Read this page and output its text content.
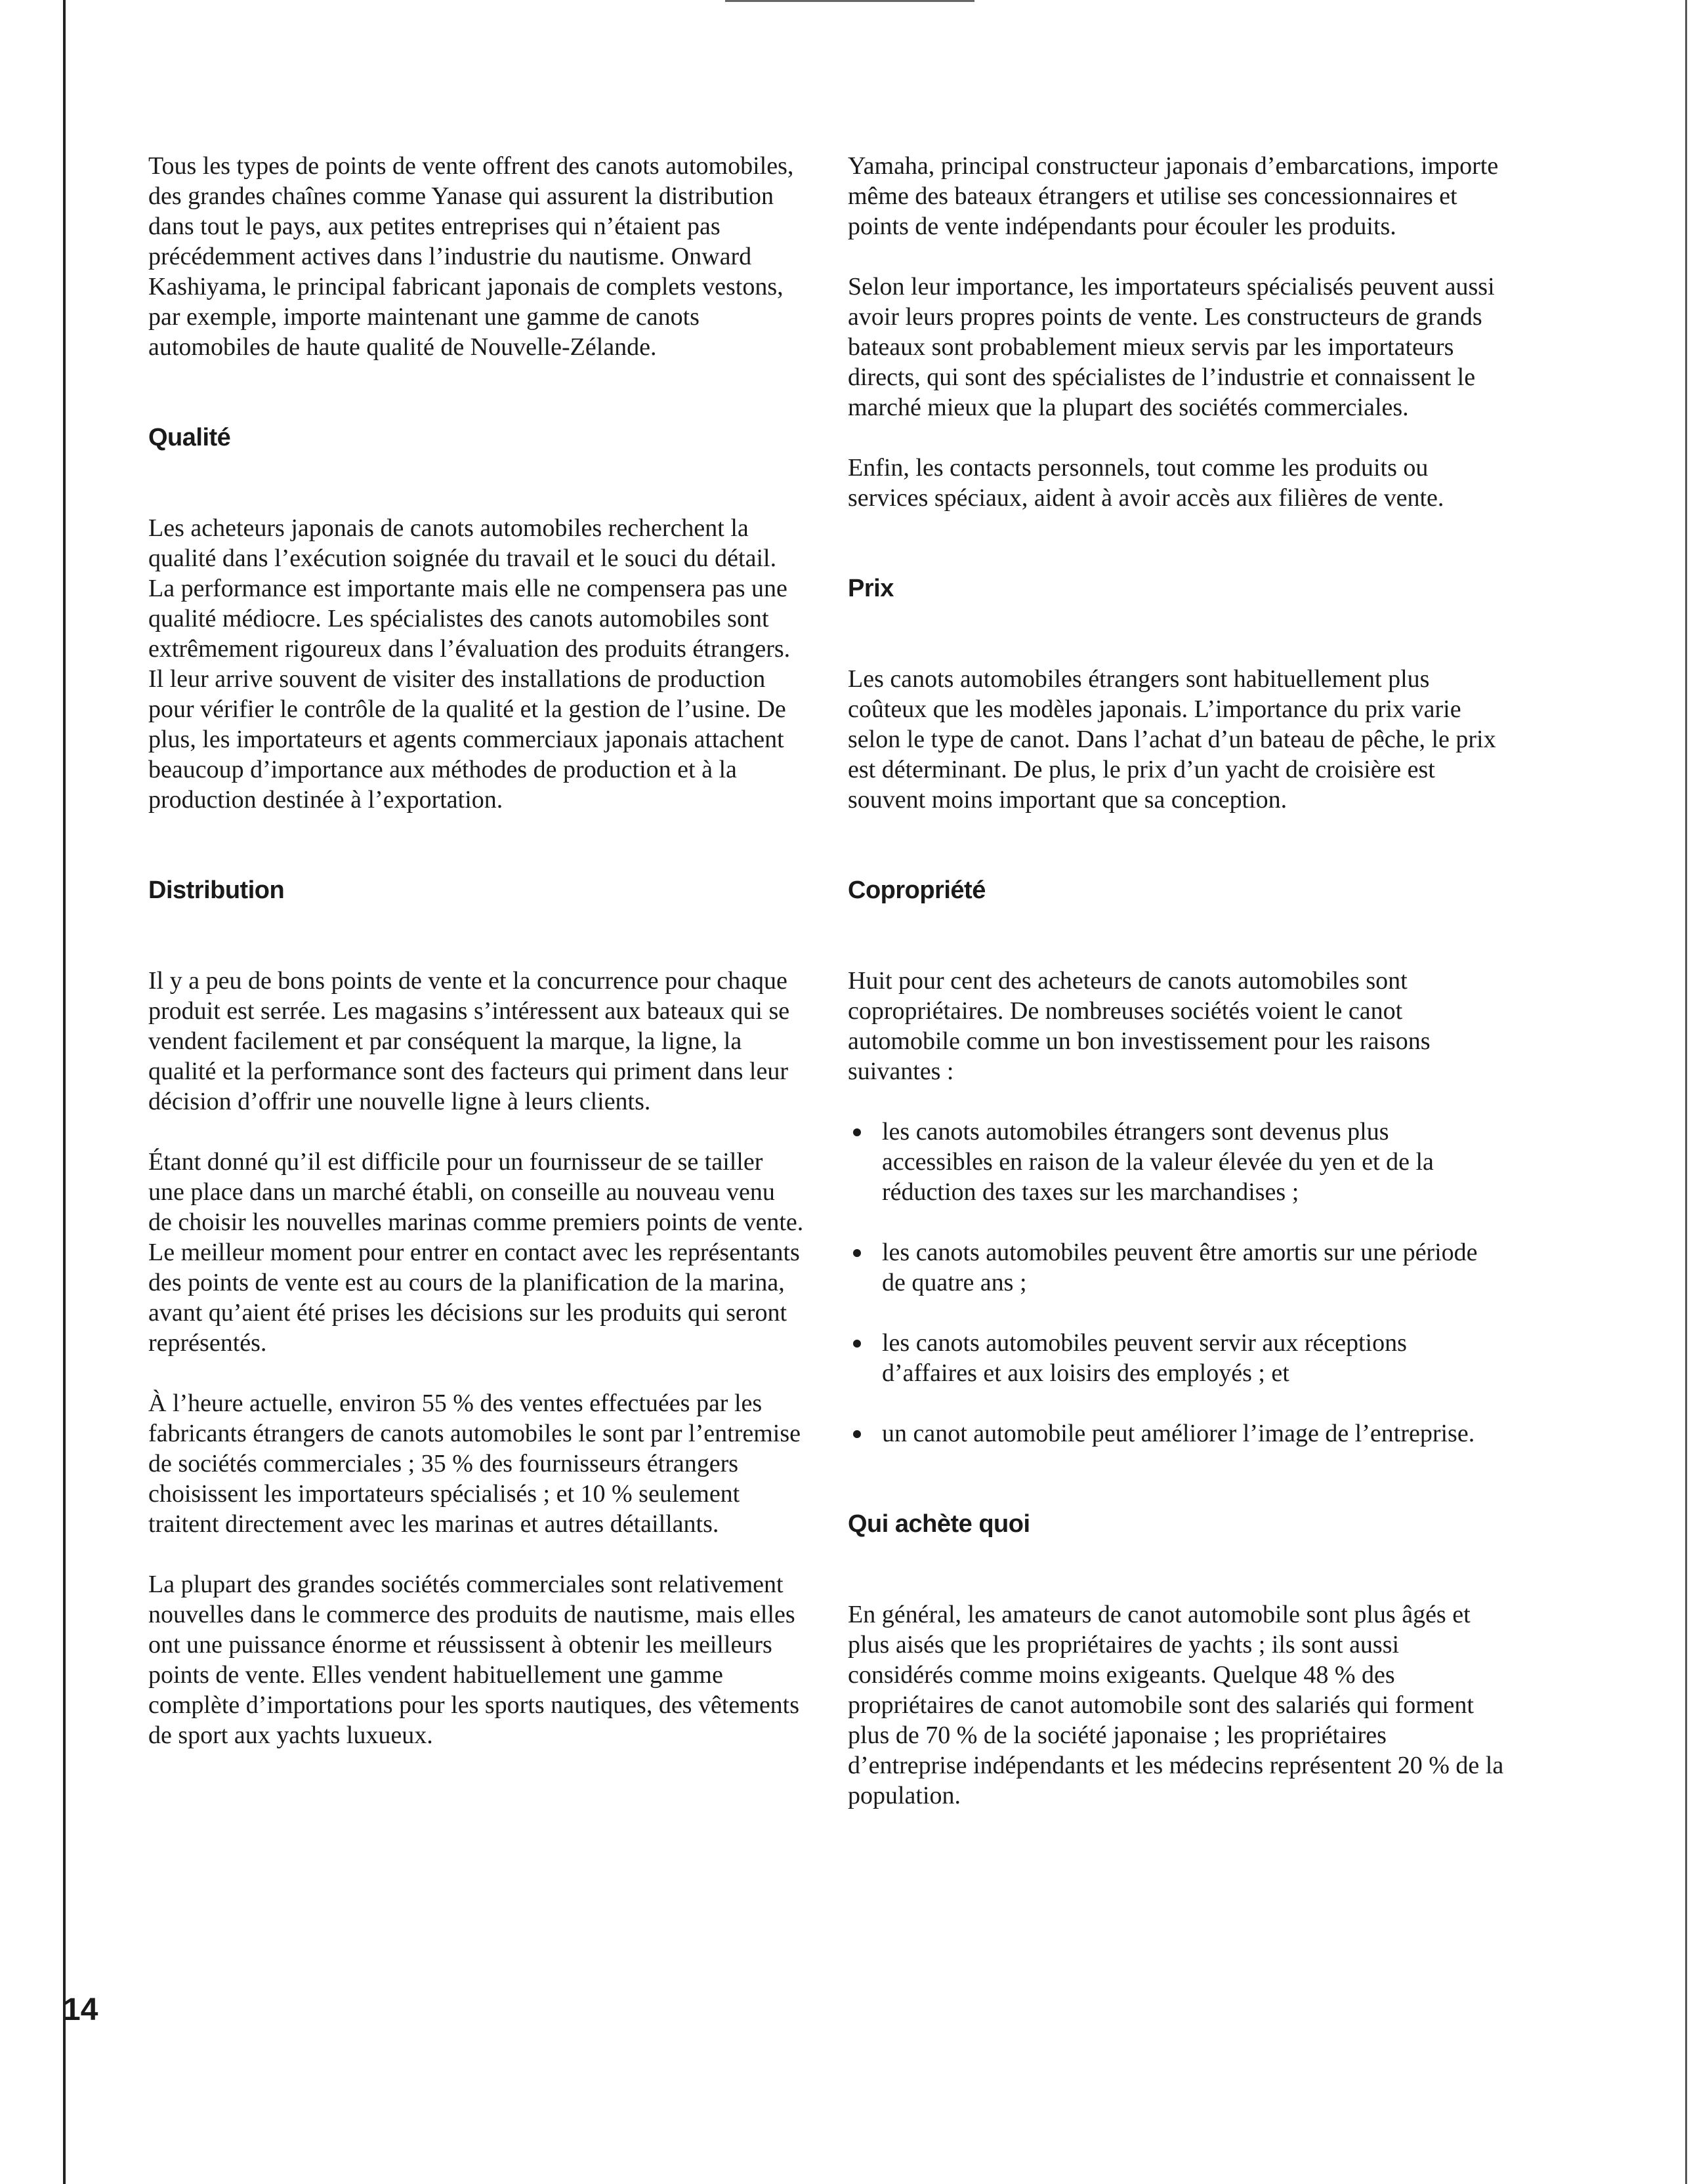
Tous les types de points de vente offrent des canots automobiles, des grandes chaînes comme Yanase qui assurent la distribution dans tout le pays, aux petites entreprises qui n’étaient pas précédemment actives dans l’industrie du nautisme. Onward Kashiyama, le principal fabricant japonais de complets vestons, par exemple, importe maintenant une gamme de canots automobiles de haute qualité de Nouvelle-Zélande.

Qualité

Les acheteurs japonais de canots automobiles recherchent la qualité dans l’exécution soignée du travail et le souci du détail. La performance est importante mais elle ne compensera pas une qualité médiocre. Les spécialistes des canots automobiles sont extrêmement rigoureux dans l’évaluation des produits étrangers. Il leur arrive souvent de visiter des installations de production pour vérifier le contrôle de la qualité et la gestion de l’usine. De plus, les importateurs et agents commerciaux japonais attachent beaucoup d’importance aux méthodes de production et à la production destinée à l’exportation.

Distribution

Il y a peu de bons points de vente et la concurrence pour chaque produit est serrée. Les magasins s’intéressent aux bateaux qui se vendent facilement et par conséquent la marque, la ligne, la qualité et la performance sont des facteurs qui priment dans leur décision d’offrir une nouvelle ligne à leurs clients.

Étant donné qu’il est difficile pour un fournisseur de se tailler une place dans un marché établi, on conseille au nouveau venu de choisir les nouvelles marinas comme premiers points de vente. Le meilleur moment pour entrer en contact avec les représentants des points de vente est au cours de la planification de la marina, avant qu’aient été prises les décisions sur les produits qui seront représentés.

À l’heure actuelle, environ 55 % des ventes effectuées par les fabricants étrangers de canots automobiles le sont par l’entremise de sociétés commerciales ; 35 % des fournisseurs étrangers choisissent les importateurs spécialisés ; et 10 % seulement traitent directement avec les marinas et autres détaillants.

La plupart des grandes sociétés commerciales sont relativement nouvelles dans le commerce des produits de nautisme, mais elles ont une puissance énorme et réussissent à obtenir les meilleurs points de vente. Elles vendent habituellement une gamme complète d’importations pour les sports nautiques, des vêtements de sport aux yachts luxueux.

Yamaha, principal constructeur japonais d’embarcations, importe même des bateaux étrangers et utilise ses concessionnaires et points de vente indépendants pour écouler les produits.

Selon leur importance, les importateurs spécialisés peuvent aussi avoir leurs propres points de vente. Les constructeurs de grands bateaux sont probablement mieux servis par les importateurs directs, qui sont des spécialistes de l’industrie et connaissent le marché mieux que la plupart des sociétés commerciales.

Enfin, les contacts personnels, tout comme les produits ou services spéciaux, aident à avoir accès aux filières de vente.

Prix

Les canots automobiles étrangers sont habituellement plus coûteux que les modèles japonais. L’importance du prix varie selon le type de canot. Dans l’achat d’un bateau de pêche, le prix est déterminant. De plus, le prix d’un yacht de croisière est souvent moins important que sa conception.

Copropriété

Huit pour cent des acheteurs de canots automobiles sont copropriétaires. De nombreuses sociétés voient le canot automobile comme un bon investissement pour les raisons suivantes :

les canots automobiles étrangers sont devenus plus accessibles en raison de la valeur élevée du yen et de la réduction des taxes sur les marchandises ;
les canots automobiles peuvent être amortis sur une période de quatre ans ;
les canots automobiles peuvent servir aux réceptions d’affaires et aux loisirs des employés ; et
un canot automobile peut améliorer l’image de l’entreprise.
Qui achète quoi

En général, les amateurs de canot automobile sont plus âgés et plus aisés que les propriétaires de yachts ; ils sont aussi considérés comme moins exigeants. Quelque 48 % des propriétaires de canot automobile sont des salariés qui forment plus de 70 % de la société japonaise ; les propriétaires d’entreprise indépendants et les médecins représentent 20 % de la population.

14
